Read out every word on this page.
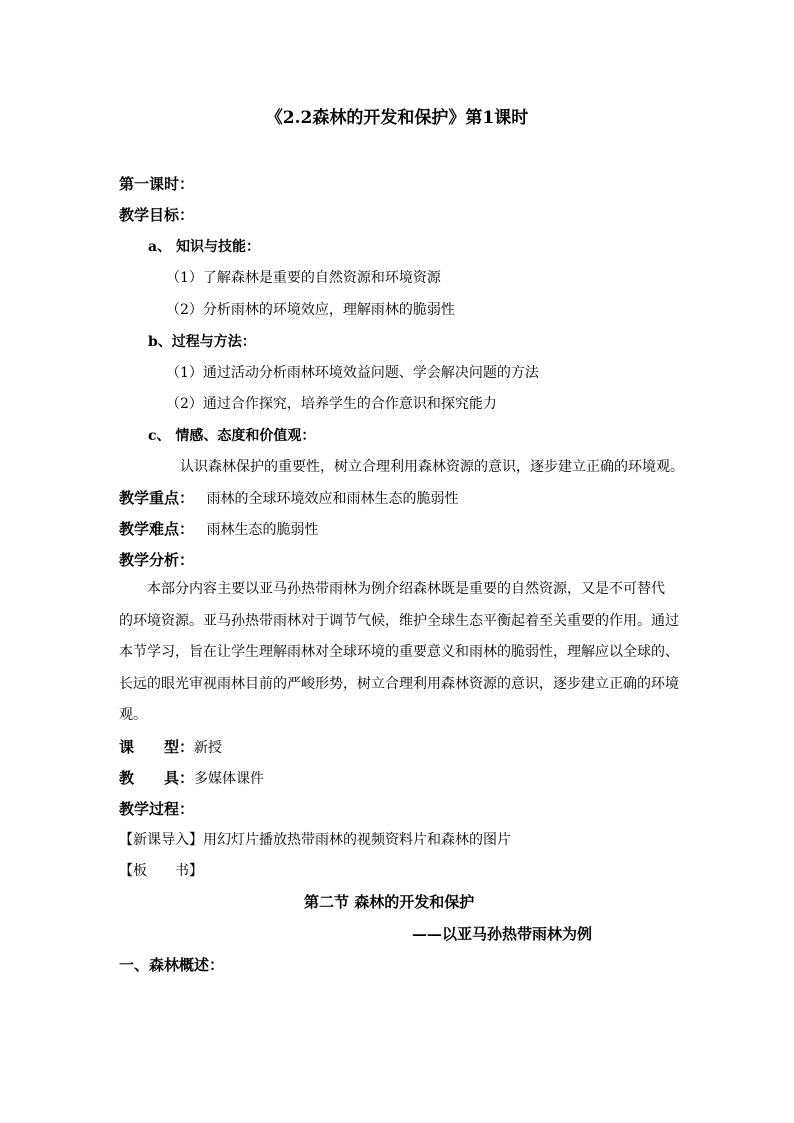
《2.2森林的开发和保护》第1课时
第一课时：
教学目标：
a、 知识与技能：
（1）了解森林是重要的自然资源和环境资源
（2）分析雨林的环境效应，理解雨林的脆弱性
b、过程与方法：
（1）通过活动分析雨林环境效益问题、学会解决问题的方法
（2）通过合作探究，培养学生的合作意识和探究能力
c、 情感、态度和价值观：
认识森林保护的重要性，树立合理利用森林资源的意识，逐步建立正确的环境观。
教学重点： 雨林的全球环境效应和雨林生态的脆弱性
教学难点： 雨林生态的脆弱性
教学分析：
本部分内容主要以亚马孙热带雨林为例介绍森林既是重要的自然资源，又是不可替代
的环境资源。亚马孙热带雨林对于调节气候，维护全球生态平衡起着至关重要的作用。通过
本节学习，旨在让学生理解雨林对全球环境的重要意义和雨林的脆弱性，理解应以全球的、
长远的眼光审视雨林目前的严峻形势，树立合理利用森林资源的意识，逐步建立正确的环境
观。
课　　型：新授
教　　具：多媒体课件
教学过程：
【新课导入】用幻灯片播放热带雨林的视频资料片和森林的图片
【板　　书】
第二节 森林的开发和保护
——以亚马孙热带雨林为例
一、森林概述：
